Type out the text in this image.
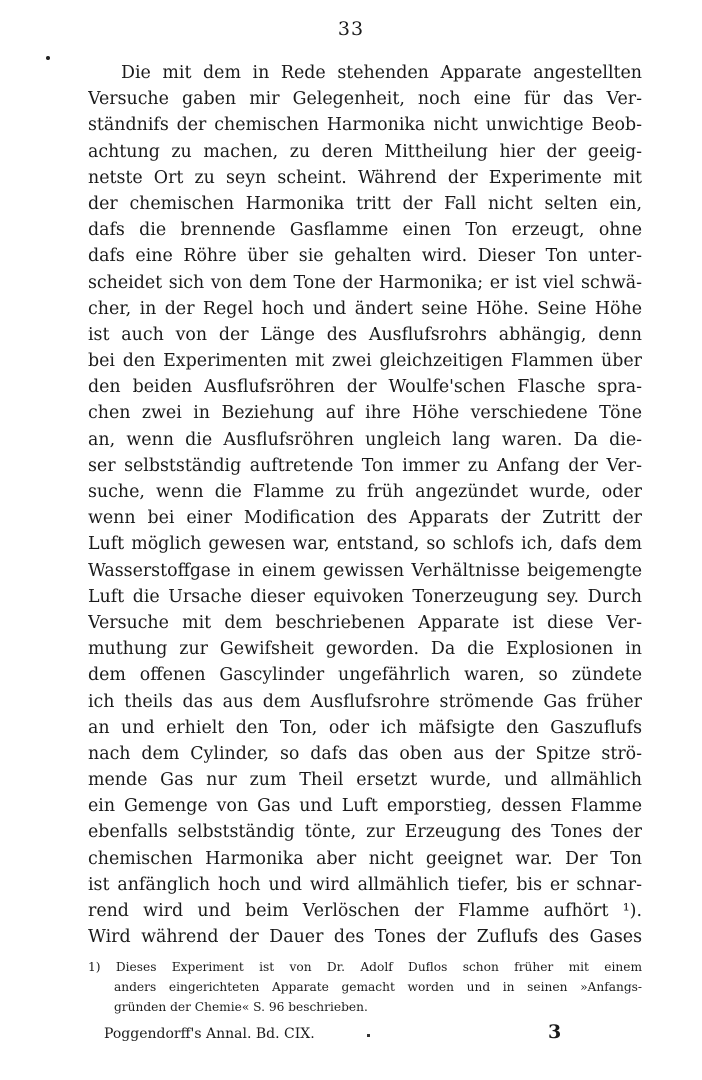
33
Die mit dem in Rede stehenden Apparate angestellten
Versuche gaben mir Gelegenheit, noch eine für das Ver-
ständnifs der chemischen Harmonika nicht unwichtige Beob-
achtung zu machen, zu deren Mittheilung hier der geeig-
netste Ort zu seyn scheint. Während der Experimente mit
der chemischen Harmonika tritt der Fall nicht selten ein,
dafs die brennende Gasflamme einen Ton erzeugt, ohne
dafs eine Röhre über sie gehalten wird. Dieser Ton unter-
scheidet sich von dem Tone der Harmonika; er ist viel schwä-
cher, in der Regel hoch und ändert seine Höhe. Seine Höhe
ist auch von der Länge des Ausflufsrohrs abhängig, denn
bei den Experimenten mit zwei gleichzeitigen Flammen über
den beiden Ausflufsröhren der Woulfe'schen Flasche spra-
chen zwei in Beziehung auf ihre Höhe verschiedene Töne
an, wenn die Ausflufsröhren ungleich lang waren. Da die-
ser selbstständig auftretende Ton immer zu Anfang der Ver-
suche, wenn die Flamme zu früh angezündet wurde, oder
wenn bei einer Modification des Apparats der Zutritt der
Luft möglich gewesen war, entstand, so schlofs ich, dafs dem
Wasserstoffgase in einem gewissen Verhältnisse beigemengte
Luft die Ursache dieser equivoken Tonerzeugung sey. Durch
Versuche mit dem beschriebenen Apparate ist diese Ver-
muthung zur Gewifsheit geworden. Da die Explosionen in
dem offenen Gascylinder ungefährlich waren, so zündete
ich theils das aus dem Ausflufsrohre strömende Gas früher
an und erhielt den Ton, oder ich mäfsigte den Gaszuflufs
nach dem Cylinder, so dafs das oben aus der Spitze strö-
mende Gas nur zum Theil ersetzt wurde, und allmählich
ein Gemenge von Gas und Luft emporstieg, dessen Flamme
ebenfalls selbstständig tönte, zur Erzeugung des Tones der
chemischen Harmonika aber nicht geeignet war. Der Ton
ist anfänglich hoch und wird allmählich tiefer, bis er schnar-
rend wird und beim Verlöschen der Flamme aufhört ¹).
Wird während der Dauer des Tones der Zuflufs des Gases
1) Dieses Experiment ist von Dr. Adolf Duflos schon früher mit einem
anders eingerichteten Apparate gemacht worden und in seinen »Anfangs-
gründen der Chemie« S. 96 beschrieben.
Poggendorff's Annal. Bd. CIX.	3
